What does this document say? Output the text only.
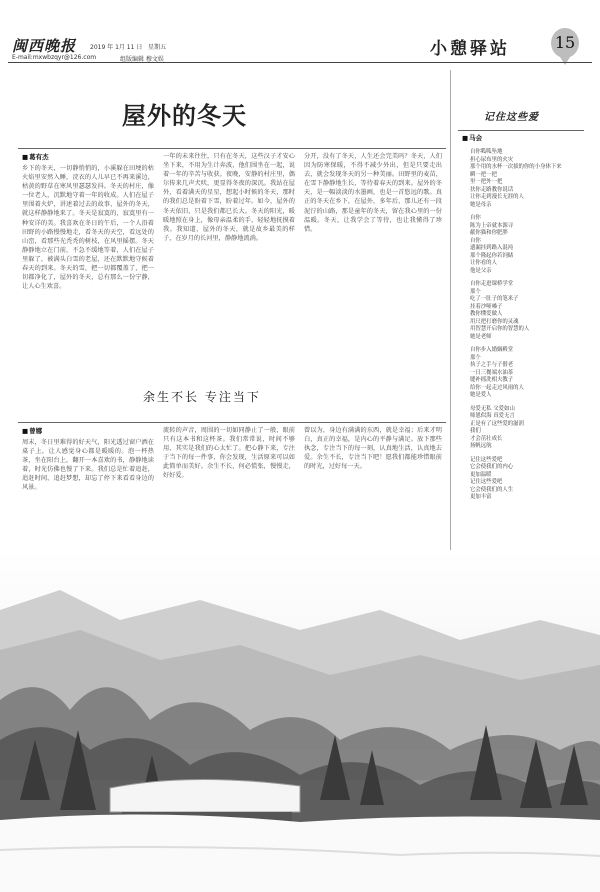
闽西晚报 2019 年 1月 11 日 星期五
E-mail:mxwbzqyr@126.com	组版编辑 穆文娱
小憩驿站	15
屋外的冬天
■ 葛有杰
乡下的冬天，一切静悄悄的，小溪躲在田埂的枯火焰里安然入睡，浣衣的人儿早已不再来溪边，枯黄的野草在寒风里瑟瑟发抖。冬天的村庄，像一位老人，沉默地守着一年的收成。人们在屋子里围着火炉，讲述着过去的故事，屋外的冬天，就这样静静地来了。冬天是寂寞的，寂寞里有一种安详的美。我喜欢在冬日的午后，一个人沿着田野的小路慢慢地走，看冬天的天空，看远处的山峦，看那些光秃秃的树枝，在风里摇摆。冬天静静地立在门前，不急不缓地等着，人们在屋子里躲了，被满头白雪的老屋，还在默默地守候着春天的到来。冬天的雪，把一切都覆盖了，把一切都净化了，屋外的冬天，总有那么一份宁静，让人心生欢喜。
一年的未来往往，只有在冬天，这些汉子才安心坐下来，不用为生计奔波，他们围坐在一起，说着一年的辛苦与收获。夜晚，安静的村庄里，偶尔传来几声犬吠，更显得冬夜的深沉。我站在屋外，看着满天的星星，想起小时候的冬天，那时的我们总是盼着下雪，盼着过年。如今，屋外的冬天依旧，只是我们都已长大。冬天的阳光，暖暖地照在身上，像母亲温柔的手，轻轻地抚摸着我。我知道，屋外的冬天，就是故乡最美的样子，在岁月的长河里，静静地流淌。
分开，没有了冬天，人生还会完美吗？冬天，人们因为防寒保暖，不得不减少外出，但是只要走出去，就会发现冬天的另一种美丽。田野里的麦苗，在雪下静静地生长，等待着春天的到来。屋外的冬天，是一幅淡淡的水墨画，也是一首悠远的歌。真正的冬天在乡下，在屋外，多年后，那儿还有一段泥泞的山路，那是童年的冬天，留在我心里的一份温暖。冬天，让我学会了等待，也让我懂得了珍惜。
余生不长 专注当下
■ 曾娜
周末，冬日里难得的好天气，阳光透过窗户洒在桌子上，让人感觉身心都是暖暖的。泡一杯热茶，坐在阳台上，翻开一本喜欢的书，静静地读着，时光仿佛也慢了下来。我们总是忙着追赶，追赶时间，追赶梦想，却忘了停下来看看身边的风景。
流转的声音，周围的一切如同静止了一般，眼前只有这本书和这杯茶。我们常常说，时间不够用，其实是我们的心太忙了。把心静下来，专注于当下的每一件事，你会发现，生活原来可以如此简单而美好。余生不长，何必慌张，慢慢走，好好爱。
曾以为，身边有满满的东西，就是幸福；后来才明白，真正的幸福，是内心的平静与满足。放下那些执念，专注当下的每一刻，认真地生活，认真地去爱。余生不长，专注当下吧！愿我们都能珍惜眼前的时光，过好每一天。
记住这些爱
■ 马会
自你呱呱坠地
担心尿布里的火灾
那个用的水杯一次拔的你的小身体下来
瞬一把一把
里一把外一把
扶你走路教你说话
让你走到漫长无涯的人
她是母亲
自你
陈为上帝就本源寻
献你猫和你肥胖
自你
遗漏挂到路入混沌
那个隆起你若饲储
让你看的人
他是父亲
自你走进课桥学堂
那个
吃了一肚子的笔米子
挂着沙哑嗓子
教你懂爱做人
用尺把打磨你的灵魂
用智慧开启你的智慧的人
她是老师
自你步入婚姻殿堂
那个
执子之手与子偕老
一日三餐端水油茶
缝补摇洗相夫教子
给你一起走过风雨的人
她是爱人
母爱无私 父爱如山
师恩似海 真爱无言
正是有了这些爱的滋润
我们
才会茁壮成长
扬帆远航
记住这些爱吧
它会使我们的内心
更加温暖
记住这些爱吧
它会使我们的人生
更加丰富
